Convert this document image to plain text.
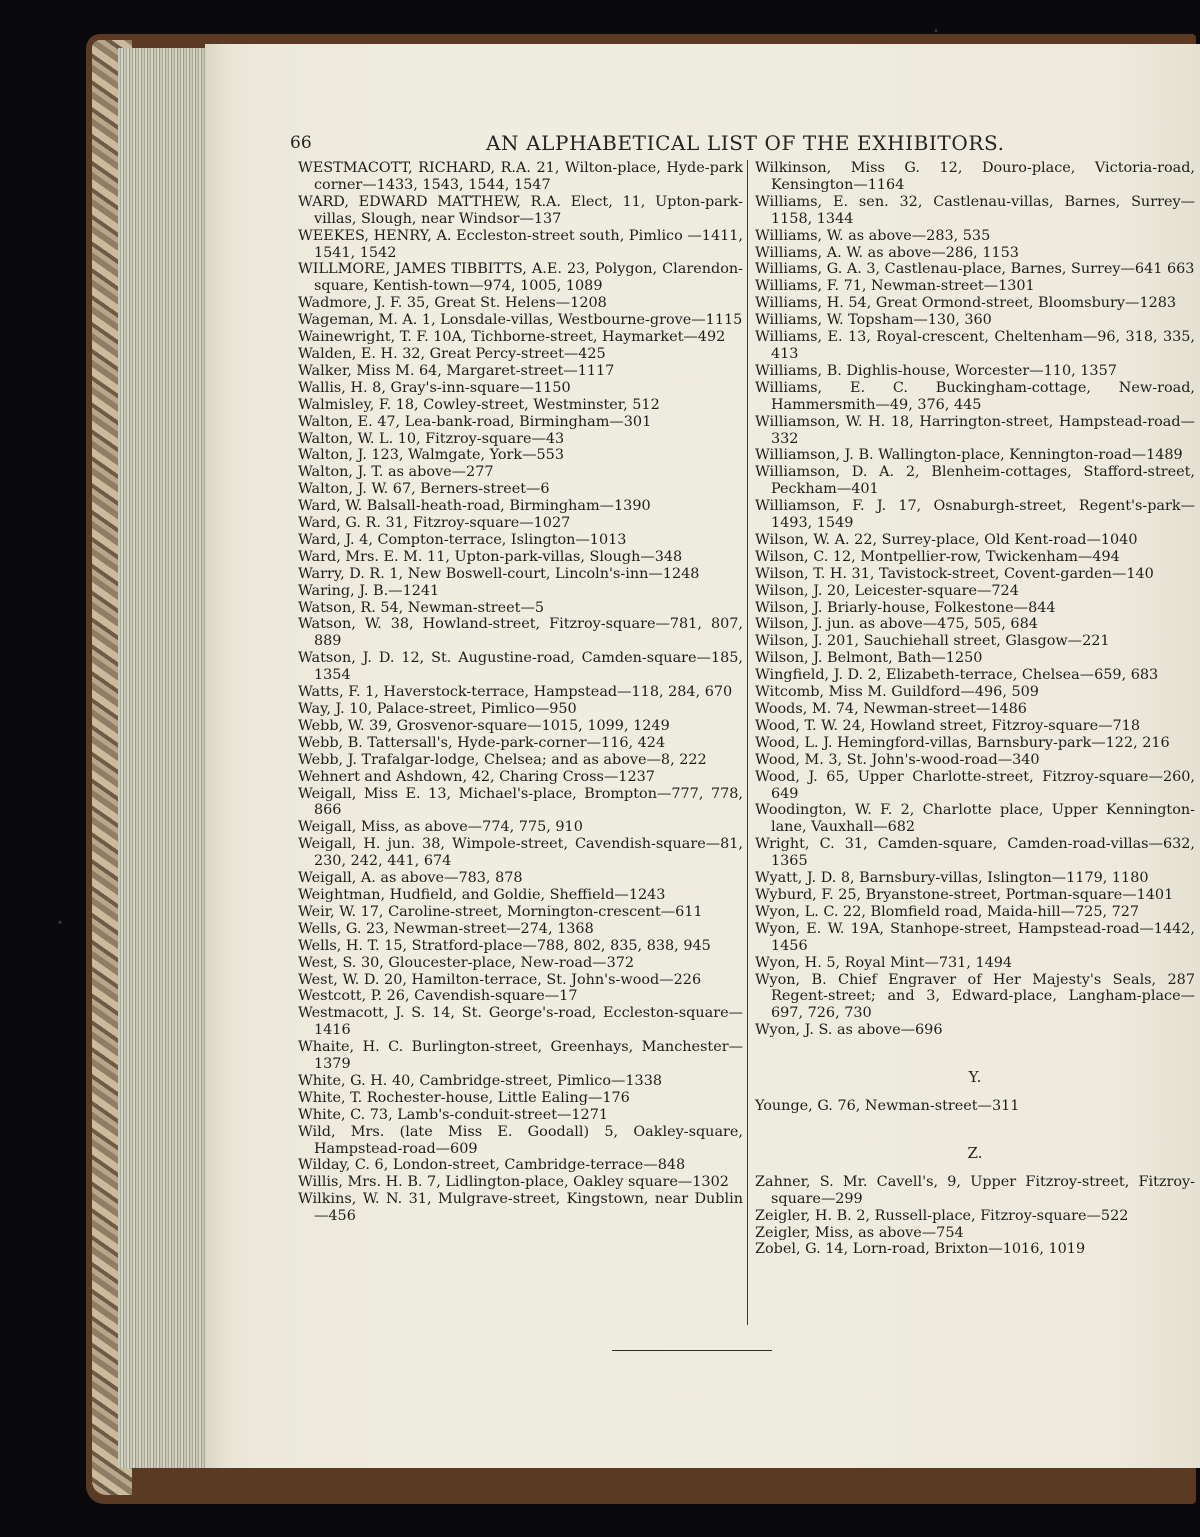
66	AN ALPHABETICAL LIST OF THE EXHIBITORS.

WESTMACOTT, RICHARD, R.A. 21, Wilton-place, Hyde-park corner—1433, 1543, 1544, 1547

WARD, EDWARD MATTHEW, R.A. Elect, 11, Upton-park-villas, Slough, near Windsor—137

WEEKES, HENRY, A. Eccleston-street south, Pimlico —1411, 1541, 1542

WILLMORE, JAMES TIBBITTS, A.E. 23, Polygon, Clarendon-square, Kentish-town—974, 1005, 1089

Wadmore, J. F. 35, Great St. Helens—1208

Wageman, M. A. 1, Lonsdale-villas, Westbourne-grove—1115

Wainewright, T. F. 10A, Tichborne-street, Haymarket—492

Walden, E. H. 32, Great Percy-street—425

Walker, Miss M. 64, Margaret-street—1117

Wallis, H. 8, Gray's-inn-square—1150

Walmisley, F. 18, Cowley-street, Westminster, 512

Walton, E. 47, Lea-bank-road, Birmingham—301

Walton, W. L. 10, Fitzroy-square—43

Walton, J. 123, Walmgate, York—553

Walton, J. T. as above—277

Walton, J. W. 67, Berners-street—6

Ward, W. Balsall-heath-road, Birmingham—1390

Ward, G. R. 31, Fitzroy-square—1027

Ward, J. 4, Compton-terrace, Islington—1013

Ward, Mrs. E. M. 11, Upton-park-villas, Slough—348

Warry, D. R. 1, New Boswell-court, Lincoln's-inn—1248

Waring, J. B.—1241

Watson, R. 54, Newman-street—5

Watson, W. 38, Howland-street, Fitzroy-square—781, 807, 889

Watson, J. D. 12, St. Augustine-road, Camden-square—185, 1354

Watts, F. 1, Haverstock-terrace, Hampstead—118, 284, 670

Way, J. 10, Palace-street, Pimlico—950

Webb, W. 39, Grosvenor-square—1015, 1099, 1249

Webb, B. Tattersall's, Hyde-park-corner—116, 424

Webb, J. Trafalgar-lodge, Chelsea; and as above—8, 222

Wehnert and Ashdown, 42, Charing Cross—1237

Weigall, Miss E. 13, Michael's-place, Brompton—777, 778, 866

Weigall, Miss, as above—774, 775, 910

Weigall, H. jun. 38, Wimpole-street, Cavendish-square—81, 230, 242, 441, 674

Weigall, A. as above—783, 878

Weightman, Hudfield, and Goldie, Sheffield—1243

Weir, W. 17, Caroline-street, Mornington-crescent—611

Wells, G. 23, Newman-street—274, 1368

Wells, H. T. 15, Stratford-place—788, 802, 835, 838, 945

West, S. 30, Gloucester-place, New-road—372

West, W. D. 20, Hamilton-terrace, St. John's-wood—226

Westcott, P. 26, Cavendish-square—17

Westmacott, J. S. 14, St. George's-road, Eccleston-square—1416

Whaite, H. C. Burlington-street, Greenhays, Manchester—1379

White, G. H. 40, Cambridge-street, Pimlico—1338

White, T. Rochester-house, Little Ealing—176

White, C. 73, Lamb's-conduit-street—1271

Wild, Mrs. (late Miss E. Goodall) 5, Oakley-square, Hampstead-road—609

Wilday, C. 6, London-street, Cambridge-terrace—848

Willis, Mrs. H. B. 7, Lidlington-place, Oakley square—1302

Wilkins, W. N. 31, Mulgrave-street, Kingstown, near Dublin—456

Wilkinson, Miss G. 12, Douro-place, Victoria-road, Kensington—1164

Williams, E. sen. 32, Castlenau-villas, Barnes, Surrey—1158, 1344

Williams, W. as above—283, 535

Williams, A. W. as above—286, 1153

Williams, G. A. 3, Castlenau-place, Barnes, Surrey—641 663

Williams, F. 71, Newman-street—1301

Williams, H. 54, Great Ormond-street, Bloomsbury—1283

Williams, W. Topsham—130, 360

Williams, E. 13, Royal-crescent, Cheltenham—96, 318, 335, 413

Williams, B. Dighlis-house, Worcester—110, 1357

Williams, E. C. Buckingham-cottage, New-road, Hammersmith—49, 376, 445

Williamson, W. H. 18, Harrington-street, Hampstead-road—332

Williamson, J. B. Wallington-place, Kennington-road—1489

Williamson, D. A. 2, Blenheim-cottages, Stafford-street, Peckham—401

Williamson, F. J. 17, Osnaburgh-street, Regent's-park—1493, 1549

Wilson, W. A. 22, Surrey-place, Old Kent-road—1040

Wilson, C. 12, Montpellier-row, Twickenham—494

Wilson, T. H. 31, Tavistock-street, Covent-garden—140

Wilson, J. 20, Leicester-square—724

Wilson, J. Briarly-house, Folkestone—844

Wilson, J. jun. as above—475, 505, 684

Wilson, J. 201, Sauchiehall street, Glasgow—221

Wilson, J. Belmont, Bath—1250

Wingfield, J. D. 2, Elizabeth-terrace, Chelsea—659, 683

Witcomb, Miss M. Guildford—496, 509

Woods, M. 74, Newman-street—1486

Wood, T. W. 24, Howland street, Fitzroy-square—718

Wood, L. J. Hemingford-villas, Barnsbury-park—122, 216

Wood, M. 3, St. John's-wood-road—340

Wood, J. 65, Upper Charlotte-street, Fitzroy-square—260, 649

Woodington, W. F. 2, Charlotte place, Upper Kennington-lane, Vauxhall—682

Wright, C. 31, Camden-square, Camden-road-villas—632, 1365

Wyatt, J. D. 8, Barnsbury-villas, Islington—1179, 1180

Wyburd, F. 25, Bryanstone-street, Portman-square—1401

Wyon, L. C. 22, Blomfield road, Maida-hill—725, 727

Wyon, E. W. 19A, Stanhope-street, Hampstead-road—1442, 1456

Wyon, H. 5, Royal Mint—731, 1494

Wyon, B. Chief Engraver of Her Majesty's Seals, 287 Regent-street; and 3, Edward-place, Langham-place—697, 726, 730

Wyon, J. S. as above—696

Y.

Younge, G. 76, Newman-street—311

Z.

Zahner, S. Mr. Cavell's, 9, Upper Fitzroy-street, Fitzroy-square—299

Zeigler, H. B. 2, Russell-place, Fitzroy-square—522

Zeigler, Miss, as above—754

Zobel, G. 14, Lorn-road, Brixton—1016, 1019
